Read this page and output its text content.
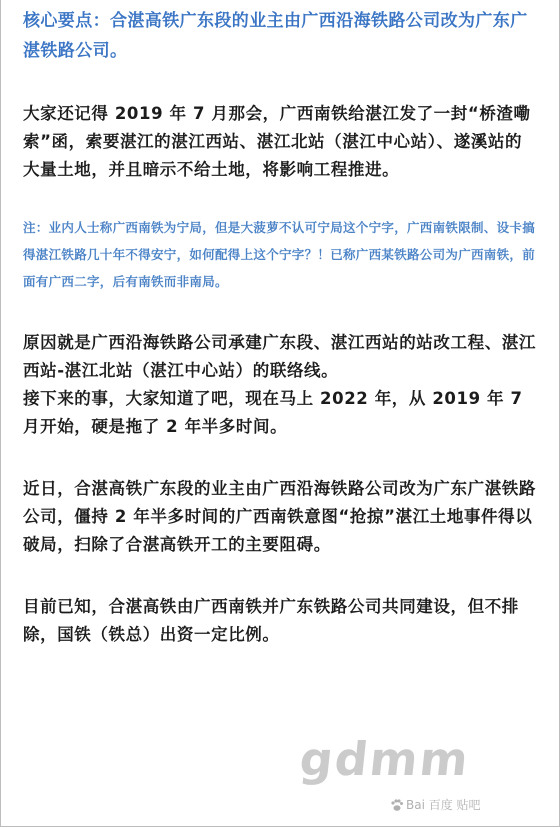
核心要点：合湛高铁广东段的业主由广西沿海铁路公司改为广东广湛铁路公司。

大家还记得 2019 年 7 月那会，广西南铁给湛江发了一封“桥渣嘞索”函，索要湛江的湛江西站、湛江北站（湛江中心站）、遂溪站的大量土地，并且暗示不给土地，将影响工程推进。

注：业内人士称广西南铁为宁局，但是大菠萝不认可宁局这个宁字，广西南铁限制、设卡搞得湛江铁路几十年不得安宁，如何配得上这个宁字？！已称广西某铁路公司为广西南铁，前面有广西二字，后有南铁而非南局。

原因就是广西沿海铁路公司承建广东段、湛江西站的站改工程、湛江西站-湛江北站（湛江中心站）的联络线。

接下来的事，大家知道了吧，现在马上 2022 年，从 2019 年 7 月开始，硬是拖了 2 年半多时间。

近日，合湛高铁广东段的业主由广西沿海铁路公司改为广东广湛铁路公司，僵持 2 年半多时间的广西南铁意图“抢掠”湛江土地事件得以破局，扫除了合湛高铁开工的主要阻碍。

目前已知，合湛高铁由广西南铁并广东铁路公司共同建设，但不排除，国铁（铁总）出资一定比例。

gdmm
Bai 百度 贴吧
